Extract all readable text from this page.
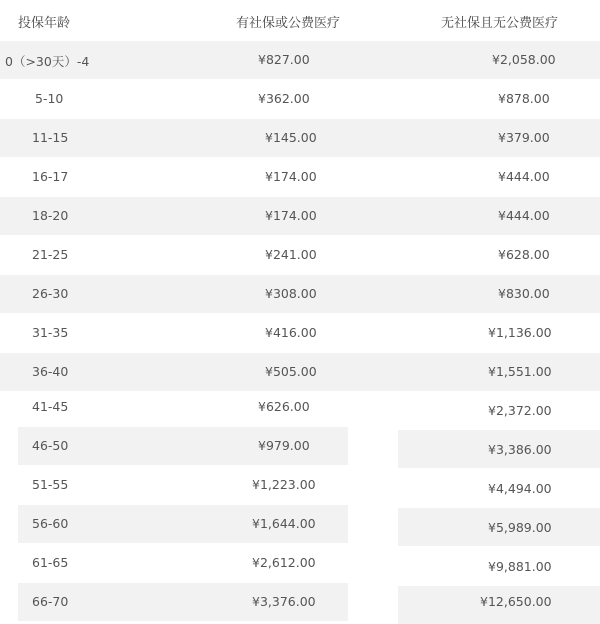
投保年龄	有社保或公费医疗	无社保且无公费医疗
0（>30天）-4	¥827.00	¥2,058.00
5-10	¥362.00	¥878.00
11-15	¥145.00	¥379.00
16-17	¥174.00	¥444.00
18-20	¥174.00	¥444.00
21-25	¥241.00	¥628.00
26-30	¥308.00	¥830.00
31-35	¥416.00	¥1,136.00
36-40	¥505.00	¥1,551.00
41-45	¥626.00	¥2,372.00
46-50	¥979.00	¥3,386.00
51-55	¥1,223.00	¥4,494.00
56-60	¥1,644.00	¥5,989.00
61-65	¥2,612.00	¥9,881.00
66-70	¥3,376.00	¥12,650.00
